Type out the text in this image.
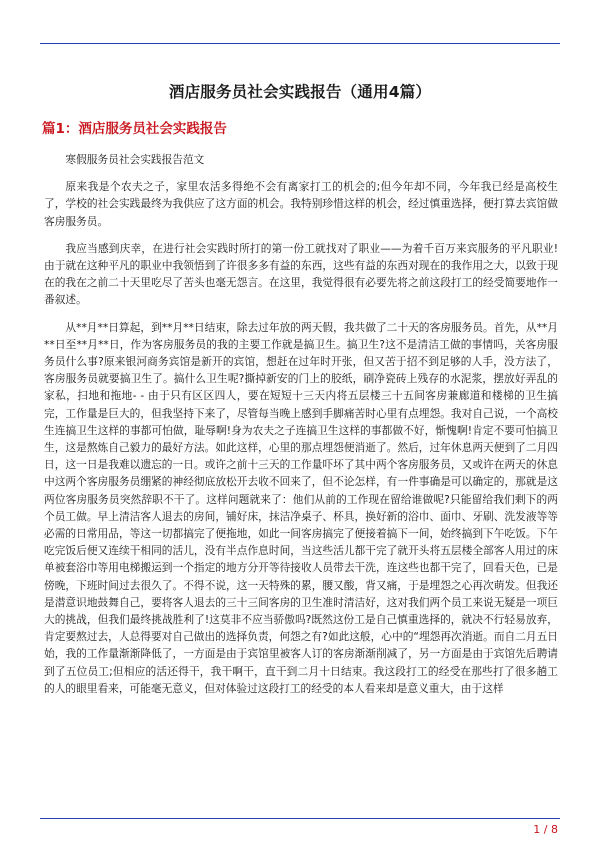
酒店服务员社会实践报告（通用4篇）
篇1：酒店服务员社会实践报告

寒假服务员社会实践报告范文

原来我是个农夫之子，家里农活多得绝不会有离家打工的机会的;但今年却不同，今年我已经是高校生了，学校的社会实践最终为我供应了这方面的机会。我特别珍惜这样的机会，经过慎重选择，便打算去宾馆做客房服务员。

我应当感到庆幸，在进行社会实践时所打的第一份工就找对了职业——为着千百万来宾服务的平凡职业!由于就在这种平凡的职业中我领悟到了许很多多有益的东西，这些有益的东西对现在的我作用之大，以致于现在的我在之前二十天里吃尽了苦头也毫无怨言。在这里，我觉得很有必要先将之前这段打工的经受简要地作一番叙述。

从**月**日算起，到**月**日结束，除去过年放的两天假，我共做了二十天的客房服务员。首先，从**月**日至**月**日，作为客房服务员的我的主要工作就是搞卫生。搞卫生?这不是清洁工做的事情吗，关客房服务员什么事?原来银河商务宾馆是新开的宾馆，想赶在过年时开张，但又苦于招不到足够的人手，没方法了，客房服务员就要搞卫生了。搞什么卫生呢?撕掉新安的门上的胶纸，刷净瓷砖上残存的水泥浆，摆放好弄乱的家私，扫地和拖地- - 由于只有区区四人，要在短短十三天内将五层楼三十五间客房兼廊道和楼梯的卫生搞完，工作量是巨大的，但我坚持下来了，尽管每当晚上感到手脚痛苦时心里有点埋怨。我对自己说，一个高校生连搞卫生这样的事都可怕做，耻辱啊!身为农夫之子连搞卫生这样的事都做不好，惭愧啊!肯定不要可怕搞卫生，这是熬炼自己毅力的最好方法。如此这样，心里的那点埋怨便消逝了。然后，过年休息两天便到了二月四日，这一日是我难以遗忘的一日。或许之前十三天的工作量吓坏了其中两个客房服务员，又或许在两天的休息中这两个客房服务员绷紧的神经彻底放松开去收不回来了，但不论怎样，有一件事确是可以确定的，那就是这两位客房服务员突然辞职不干了。这样问题就来了：他们从前的工作现在留给谁做呢?只能留给我们剩下的两个员工做。早上清洁客人退去的房间，铺好床，抹洁净桌子、杯具，换好新的浴巾、面巾、牙刷、洗发液等等必需的日常用品，等这一切都搞完了便拖地，如此一间客房搞完了便接着搞下一间，始终搞到下午吃饭。下午吃完饭后便又连续干相同的活儿，没有半点作息时间，当这些活儿都干完了就开头将五层楼全部客人用过的床单被套浴巾等用电梯搬运到一个指定的地方分开等待接收人员带去干洗，连这些也都干完了，回看天色，已是傍晚，下班时间过去很久了。不得不说，这一天特殊的累，腰又酸，背又痛，于是埋怨之心再次萌发。但我还是潜意识地鼓舞自己，要将客人退去的三十三间客房的卫生准时清洁好，这对我们两个员工来说无疑是一项巨大的挑战，但我们最终挑战胜利了!这莫非不应当骄傲吗?既然这份工是自己慎重选择的，就决不行轻易放弃，肯定要熬过去，人总得要对自己做出的选择负责，何怨之有?如此这般，心中的“埋怨再次消逝。而自二月五日始，我的工作量渐渐降低了，一方面是由于宾馆里被客人订的客房渐渐削减了，另一方面是由于宾馆先后聘请到了五位员工;但相应的活还得干，我干啊干，直干到二月十日结束。我这段打工的经受在那些打了很多趟工的人的眼里看来，可能毫无意义，但对体验过这段打工的经受的本人看来却是意义重大，由于这样

1 / 8
